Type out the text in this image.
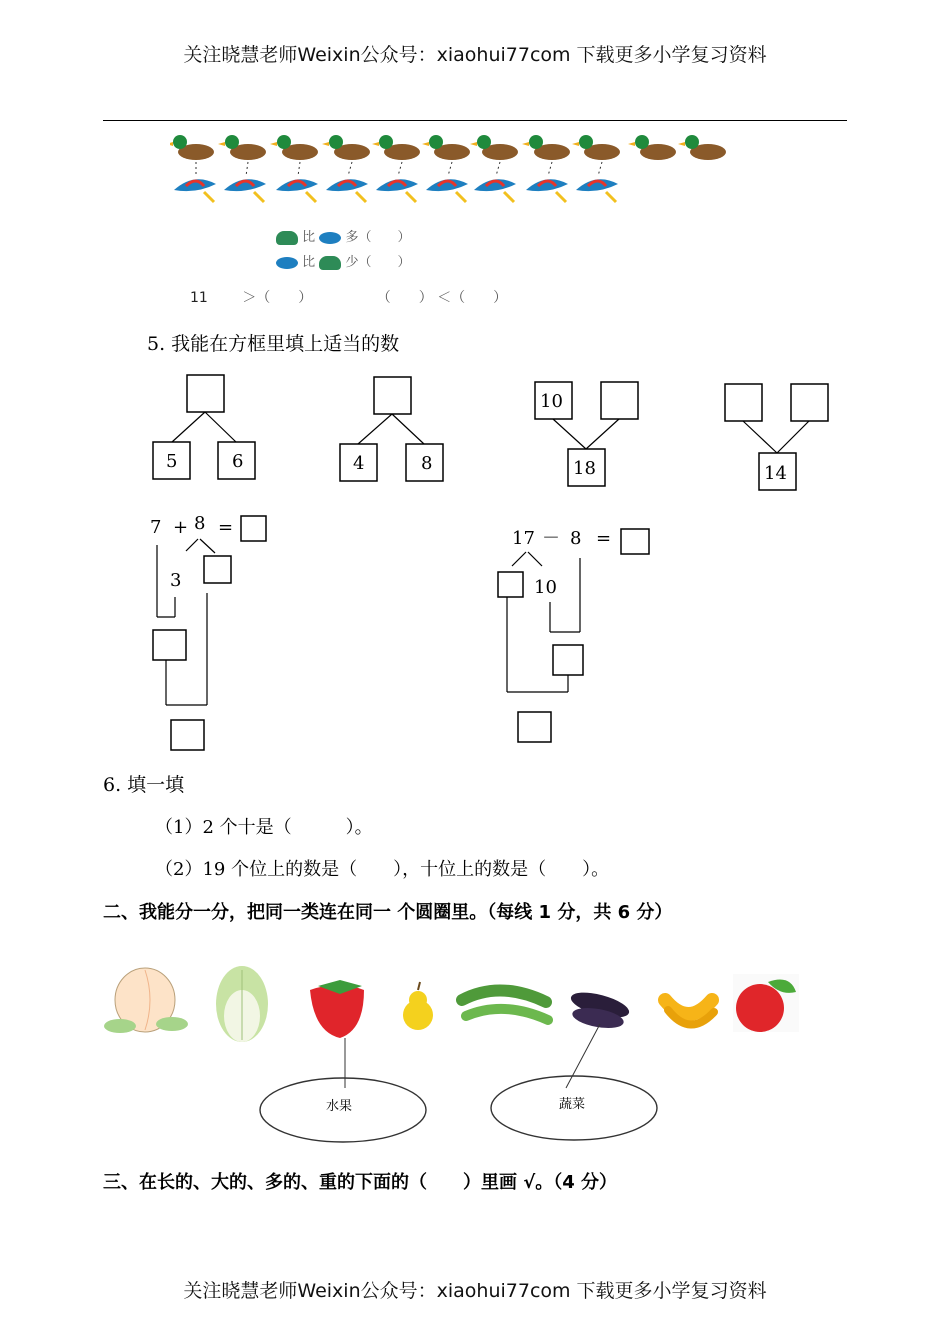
关注晓慧老师Weixin公众号：xiaohui77com 下载更多小学复习资料
比 多（　　）
比 少（　　）
11 ＞（　　）	（　　） ＜（　　）
5. 我能在方框里填上适当的数
5	6	4	8
10
18	14
7 + 8 =
3
17 － 8 =
10
6. 填一填
（1）2 个十是（　　　）。
（2）19 个位上的数是（　　），十位上的数是（　　）。
二、我能分一分，把同一类连在同一 个圆圈里。（每线 1 分，共 6 分）
水果	蔬菜
三、在长的、大的、多的、重的下面的（　　）里画 √。（4 分）
关注晓慧老师Weixin公众号：xiaohui77com 下载更多小学复习资料
